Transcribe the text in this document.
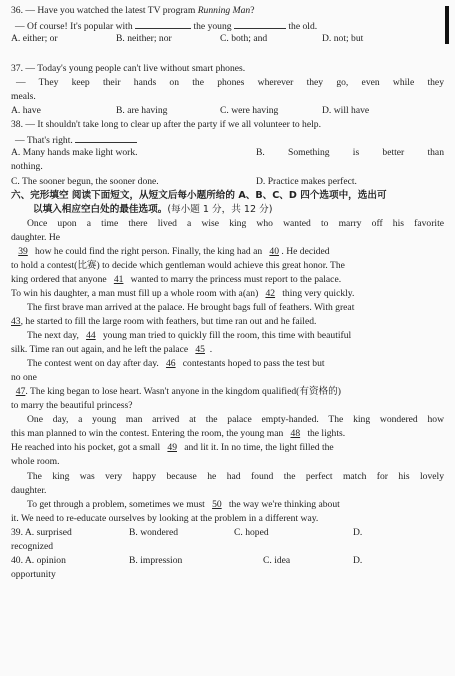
36. — Have you watched the latest TV program Running Man?
— Of course! It's popular with	the young	the old.
A. either; or	B. neither; nor	C. both; and	D. not; but
37. — Today's young people can't live without smart phones.
— They keep their hands on the phones wherever they go, even while they
meals.
A. have	B. are having	C. were having	D. will have
38. — It shouldn't take long to clear up after the party if we all volunteer to help.
— That's right.
A. Many hands make light work.	B. Something is better than
nothing.
C. The sooner begun, the sooner done.	D. Practice makes perfect.
六、完形填空 阅读下面短文，从短文后每小题所给的 A、B、C、D 四个选项中，选出可
以填入相应空白处的最佳选项。(每小题 1 分，共 12 分)
Once upon a time there lived a wise king who wanted to marry off his favorite
daughter. He
39 how he could find the right person. Finally, the king had an 40 . He decided
to hold a contest(比赛) to decide which gentleman would achieve this great honor. The
king ordered that anyone 41 wanted to marry the princess must report to the palace.
To win his daughter, a man must fill up a whole room with a(an) 42 thing very quickly.
The first brave man arrived at the palace. He brought bags full of feathers. With great
43, he started to fill the large room with feathers, but time ran out and he failed.
The next day, 44 young man tried to quickly fill the room, this time with beautiful
silk. Time ran out again, and he left the palace 45 .
The contest went on day after day. 46 contestants hoped to pass the test but
no one
47. The king began to lose heart. Wasn't anyone in the kingdom qualified(有资格的)
to marry the beautiful princess?
One day, a young man arrived at the palace empty-handed. The king wondered how
this man planned to win the contest. Entering the room, the young man 48 the lights.
He reached into his pocket, got a small 49 and lit it. In no time, the light filled the
whole room.
The king was very happy because he had found the perfect match for his lovely
daughter.
To get through a problem, sometimes we must 50 the way we're thinking about
it. We need to re-educate ourselves by looking at the problem in a different way.
39. A. surprised	B. wondered	C. hoped	D.
recognized
40. A. opinion	B. impression	C. idea	D.
opportunity
